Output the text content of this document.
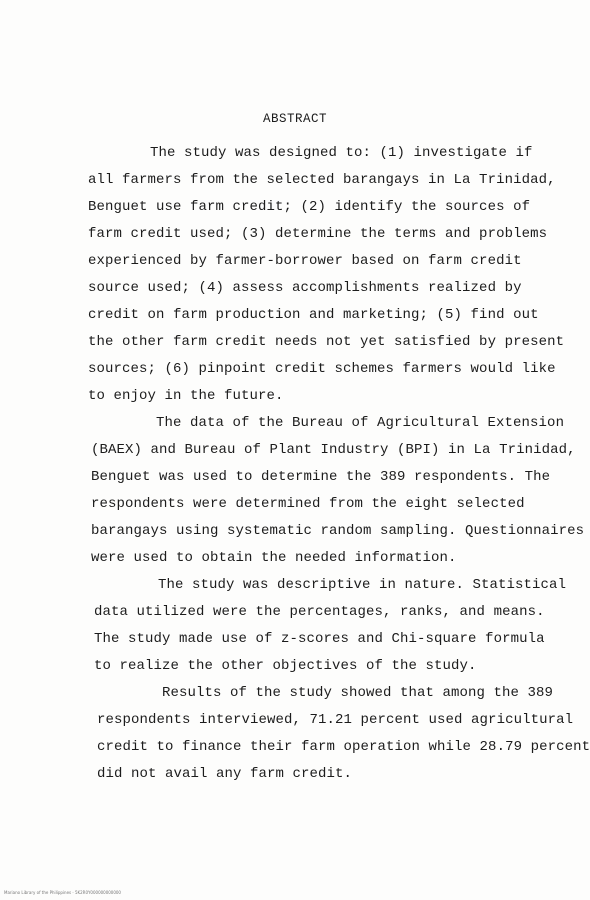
ABSTRACT
The study was designed to: (1) investigate if
all farmers from the selected barangays in La Trinidad,
Benguet use farm credit; (2) identify the sources of
farm credit used; (3) determine the terms and problems
experienced by farmer-borrower based on farm credit
source used; (4) assess accomplishments realized by
credit on farm production and marketing; (5) find out
the other farm credit needs not yet satisfied by present
sources; (6) pinpoint credit schemes farmers would like
to enjoy in the future.
The data of the Bureau of Agricultural Extension
(BAEX) and Bureau of Plant Industry (BPI) in La Trinidad,
Benguet was used to determine the 389 respondents. The
respondents were determined from the eight selected
barangays using systematic random sampling. Questionnaires
were used to obtain the needed information.
The study was descriptive in nature. Statistical
data utilized were the percentages, ranks, and means.
The study made use of z-scores and Chi-square formula
to realize the other objectives of the study.
Results of the study showed that among the 389
respondents interviewed, 71.21 percent used agricultural
credit to finance their farm operation while 28.79 percent
did not avail any farm credit.
Mariano Library of the Philippines · 5K2R0Y000000000000
